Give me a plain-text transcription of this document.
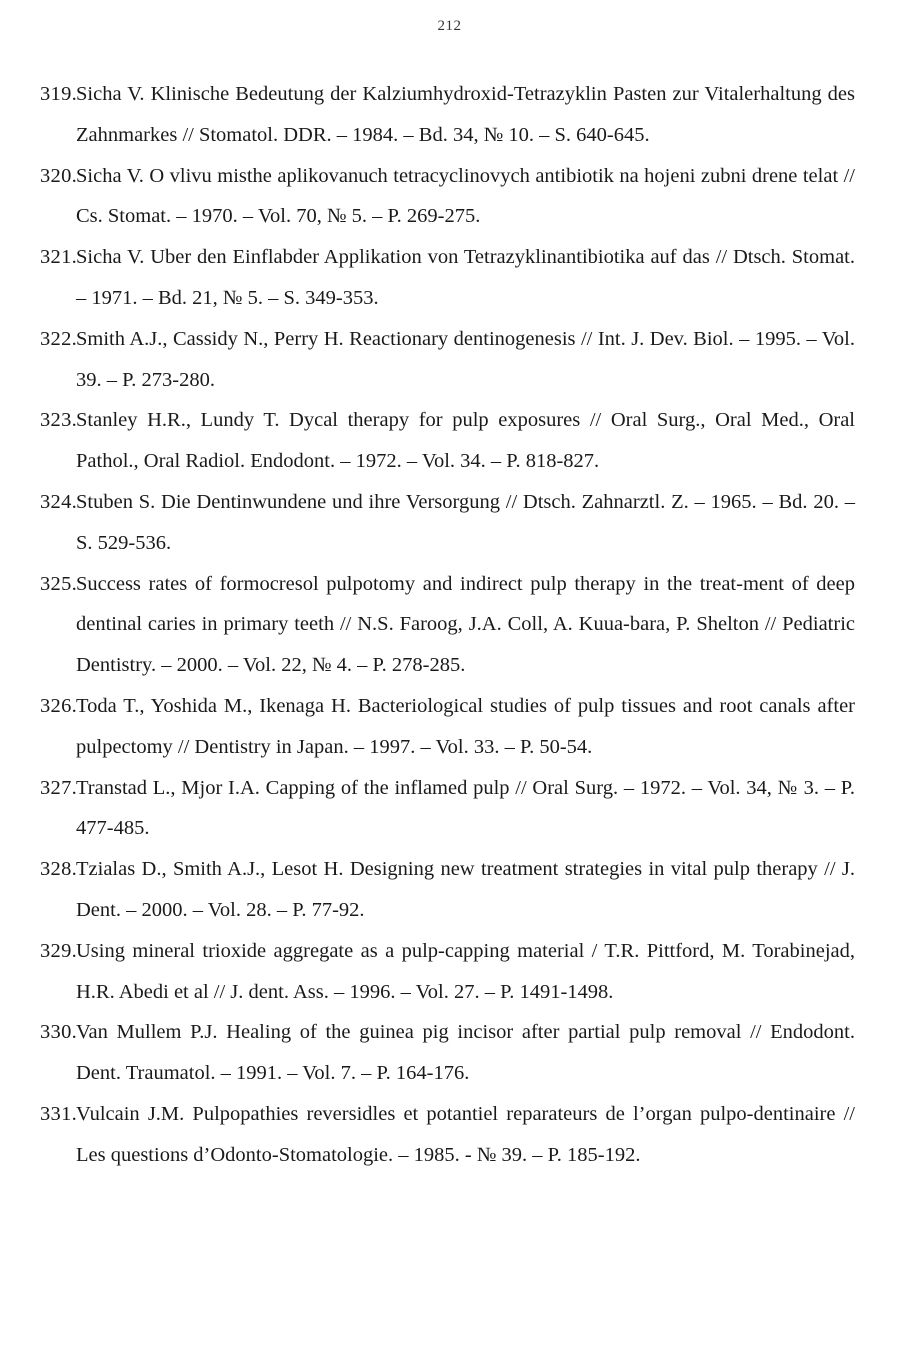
212
319.Sicha V. Klinische Bedeutung der Kalziumhydroxid-Tetrazyklin Pasten zur Vitalerhaltung des Zahnmarkes // Stomatol. DDR. – 1984. – Bd. 34, № 10. – S. 640-645.
320.Sicha V. O vlivu misthe aplikovanuch tetracyclinovych antibiotik na hojeni zubni drene telat // Cs. Stomat. – 1970. – Vol. 70, № 5. – P. 269-275.
321.Sicha V. Uber den Einflabder Applikation von Tetrazyklinantibiotika auf das // Dtsch. Stomat. – 1971. – Bd. 21, № 5. – S. 349-353.
322.Smith A.J., Cassidy N., Perry H. Reactionary dentinogenesis // Int. J. Dev. Biol. – 1995. – Vol. 39. – P. 273-280.
323.Stanley H.R., Lundy T. Dycal therapy for pulp exposures // Oral Surg., Oral Med., Oral Pathol., Oral Radiol. Endodont. – 1972. – Vol. 34. – P. 818-827.
324.Stuben S. Die Dentinwundene und ihre Versorgung // Dtsch. Zahnarztl. Z. – 1965. – Bd. 20. – S. 529-536.
325.Success rates of formocresol pulpotomy and indirect pulp therapy in the treat-ment of deep dentinal caries in primary teeth // N.S. Faroog, J.A. Coll, A. Kuua-bara, P. Shelton // Pediatric Dentistry. – 2000. – Vol. 22, № 4. – P. 278-285.
326.Toda T., Yoshida M., Ikenaga H. Bacteriological studies of pulp tissues and root canals after pulpectomy // Dentistry in Japan. – 1997. – Vol. 33. – P. 50-54.
327.Transtad L., Mjor I.A. Capping of the inflamed pulp // Oral Surg. – 1972. – Vol. 34, № 3. – P. 477-485.
328.Tzialas D., Smith A.J., Lesot H. Designing new treatment strategies in vital pulp therapy // J. Dent. – 2000. – Vol. 28. – P. 77-92.
329.Using mineral trioxide aggregate as a pulp-capping material / T.R. Pittford, M. Torabinejad, H.R. Abedi et al // J. dent. Ass. – 1996. – Vol. 27. – P. 1491-1498.
330.Van Mullem P.J. Healing of the guinea pig incisor after partial pulp removal // Endodont. Dent. Traumatol. – 1991. – Vol. 7. – P. 164-176.
331.Vulcain J.M. Pulpopathies reversidles et potantiel reparateurs de l’organ pulpo-dentinaire // Les questions d’Odonto-Stomatologie. – 1985. - № 39. – P. 185-192.
